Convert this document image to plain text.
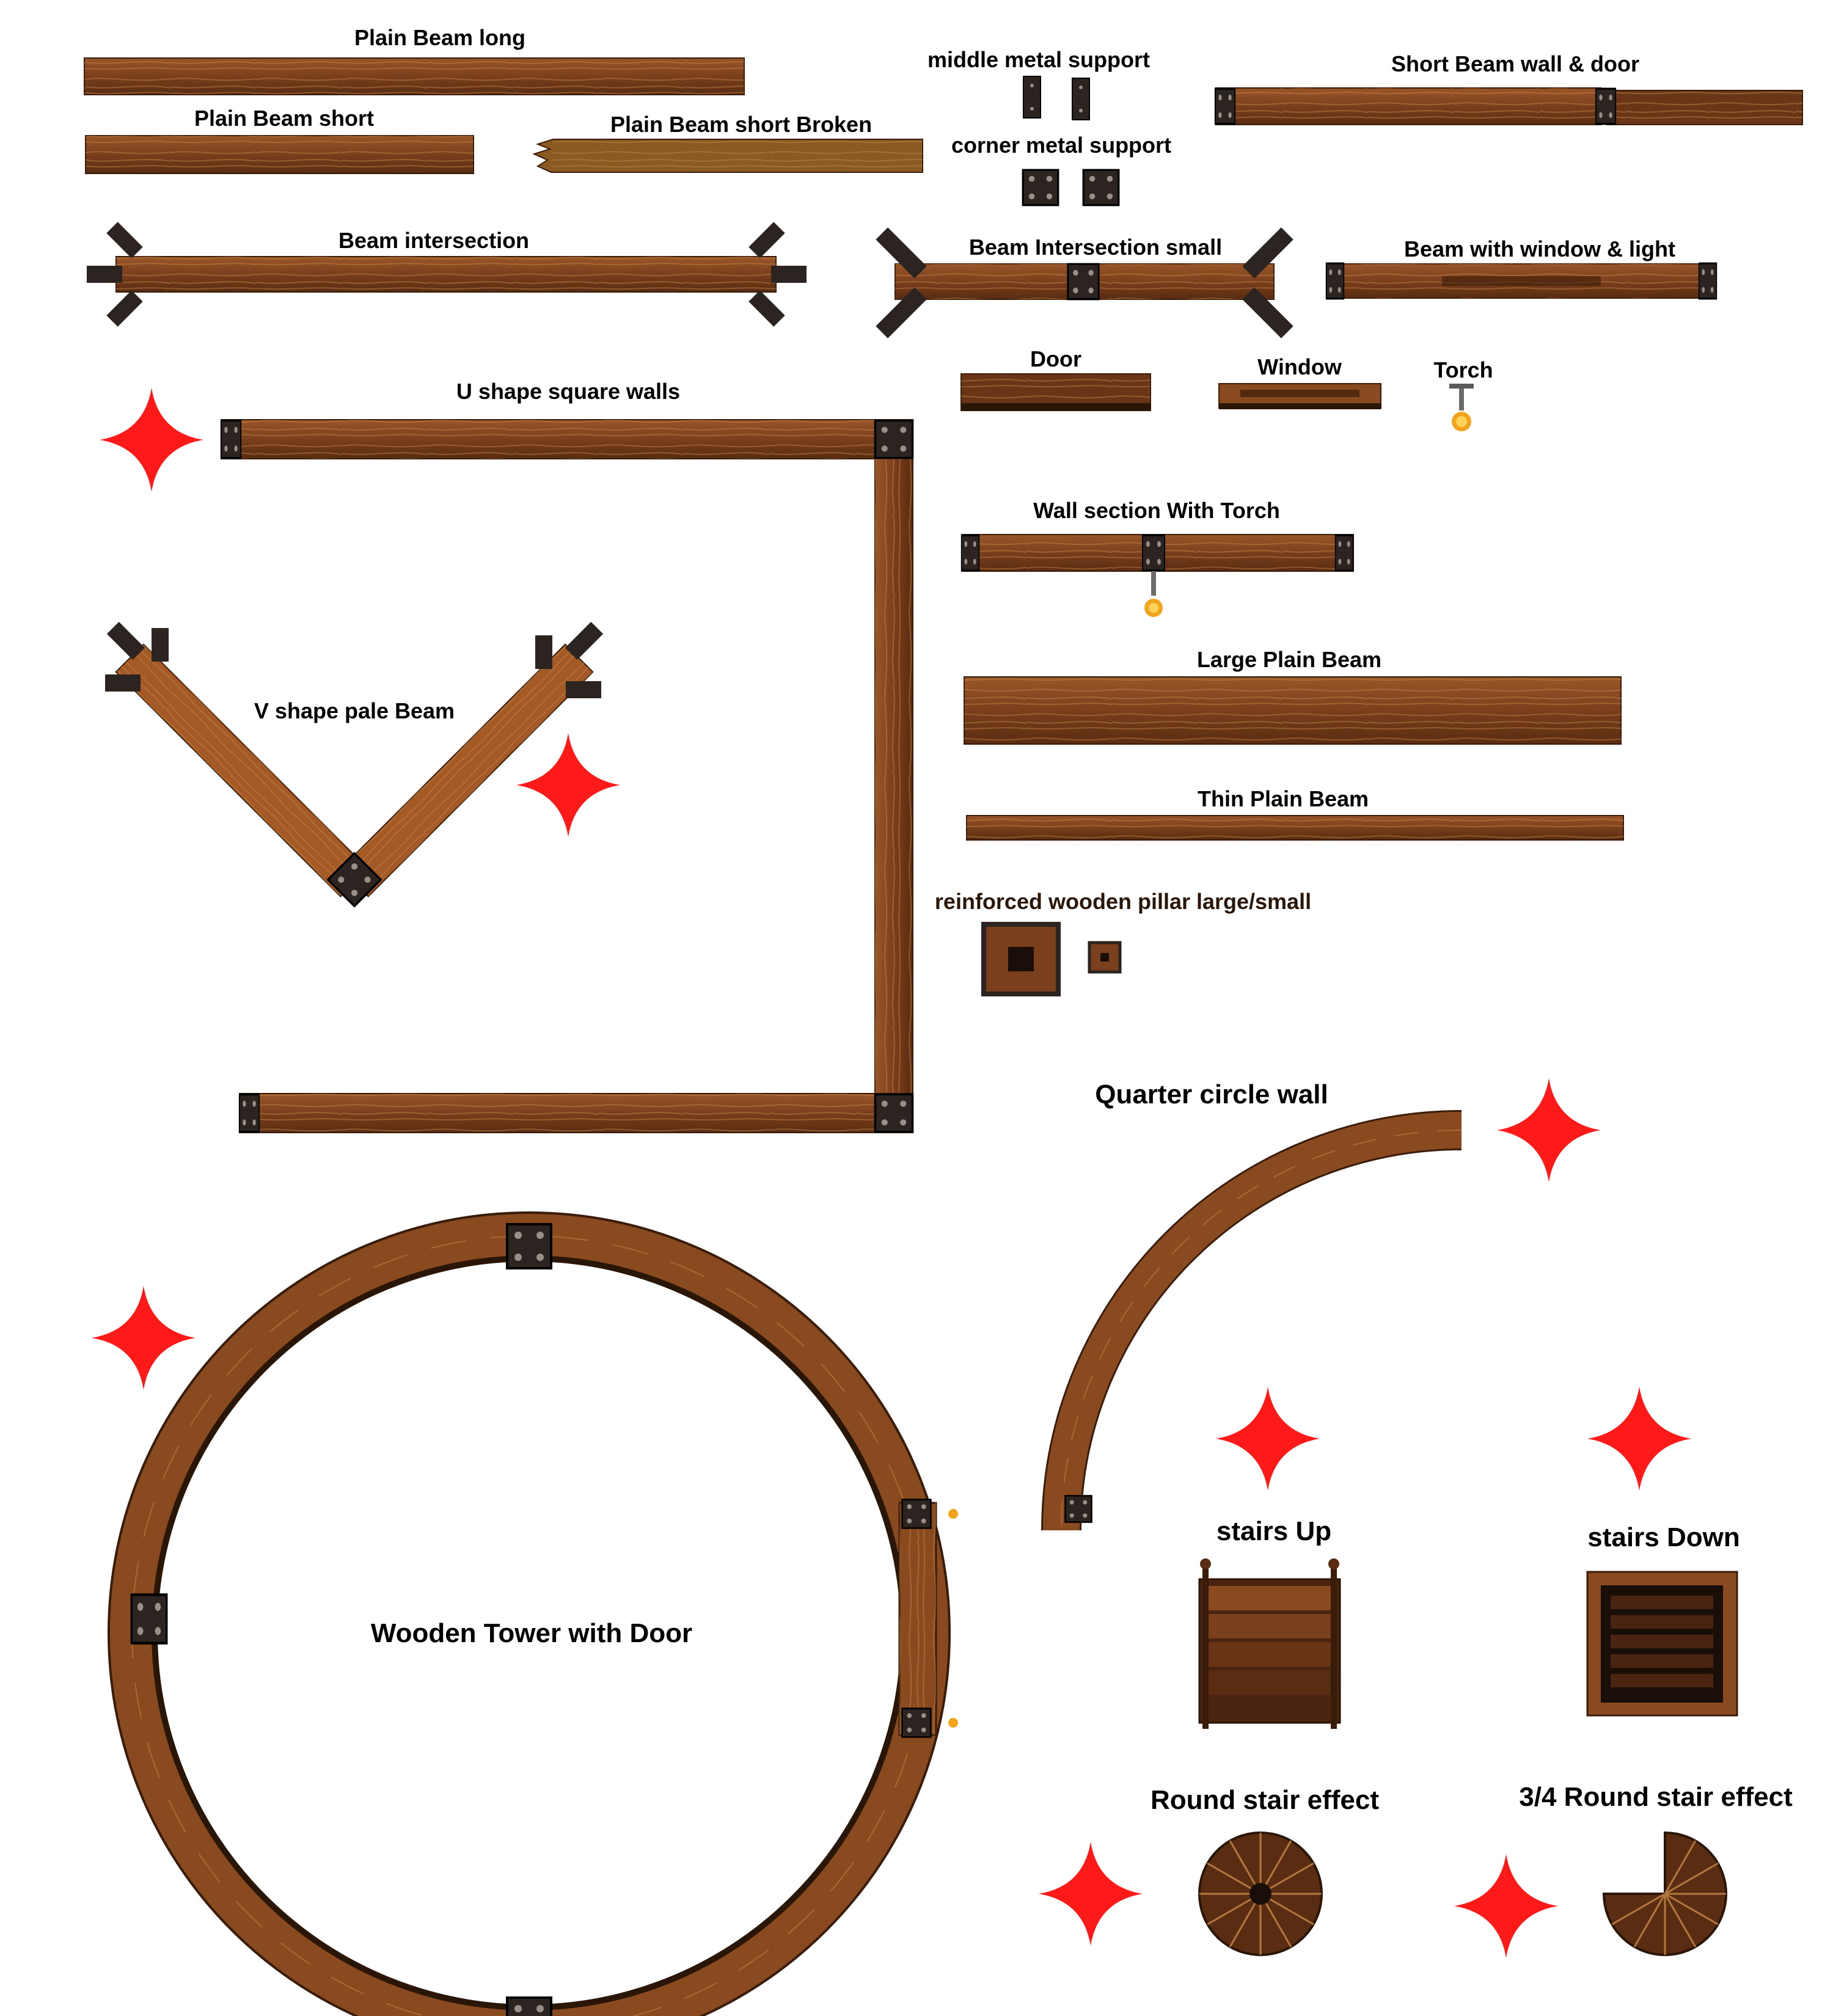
Plain Beam long
Plain Beam short	Plain Beam short Broken
middle metal support
corner metal support
Short Beam wall & door
Beam intersection	Beam Intersection small	Beam with window & light
Door	Window	Torch
U shape square walls
Wall section With Torch
V shape pale Beam
Large Plain Beam
Thin Plain Beam
reinforced wooden pillar large/small
Quarter circle wall
Wooden Tower with Door
stairs Up	stairs Down
Round stair effect	3/4 Round stair effect
